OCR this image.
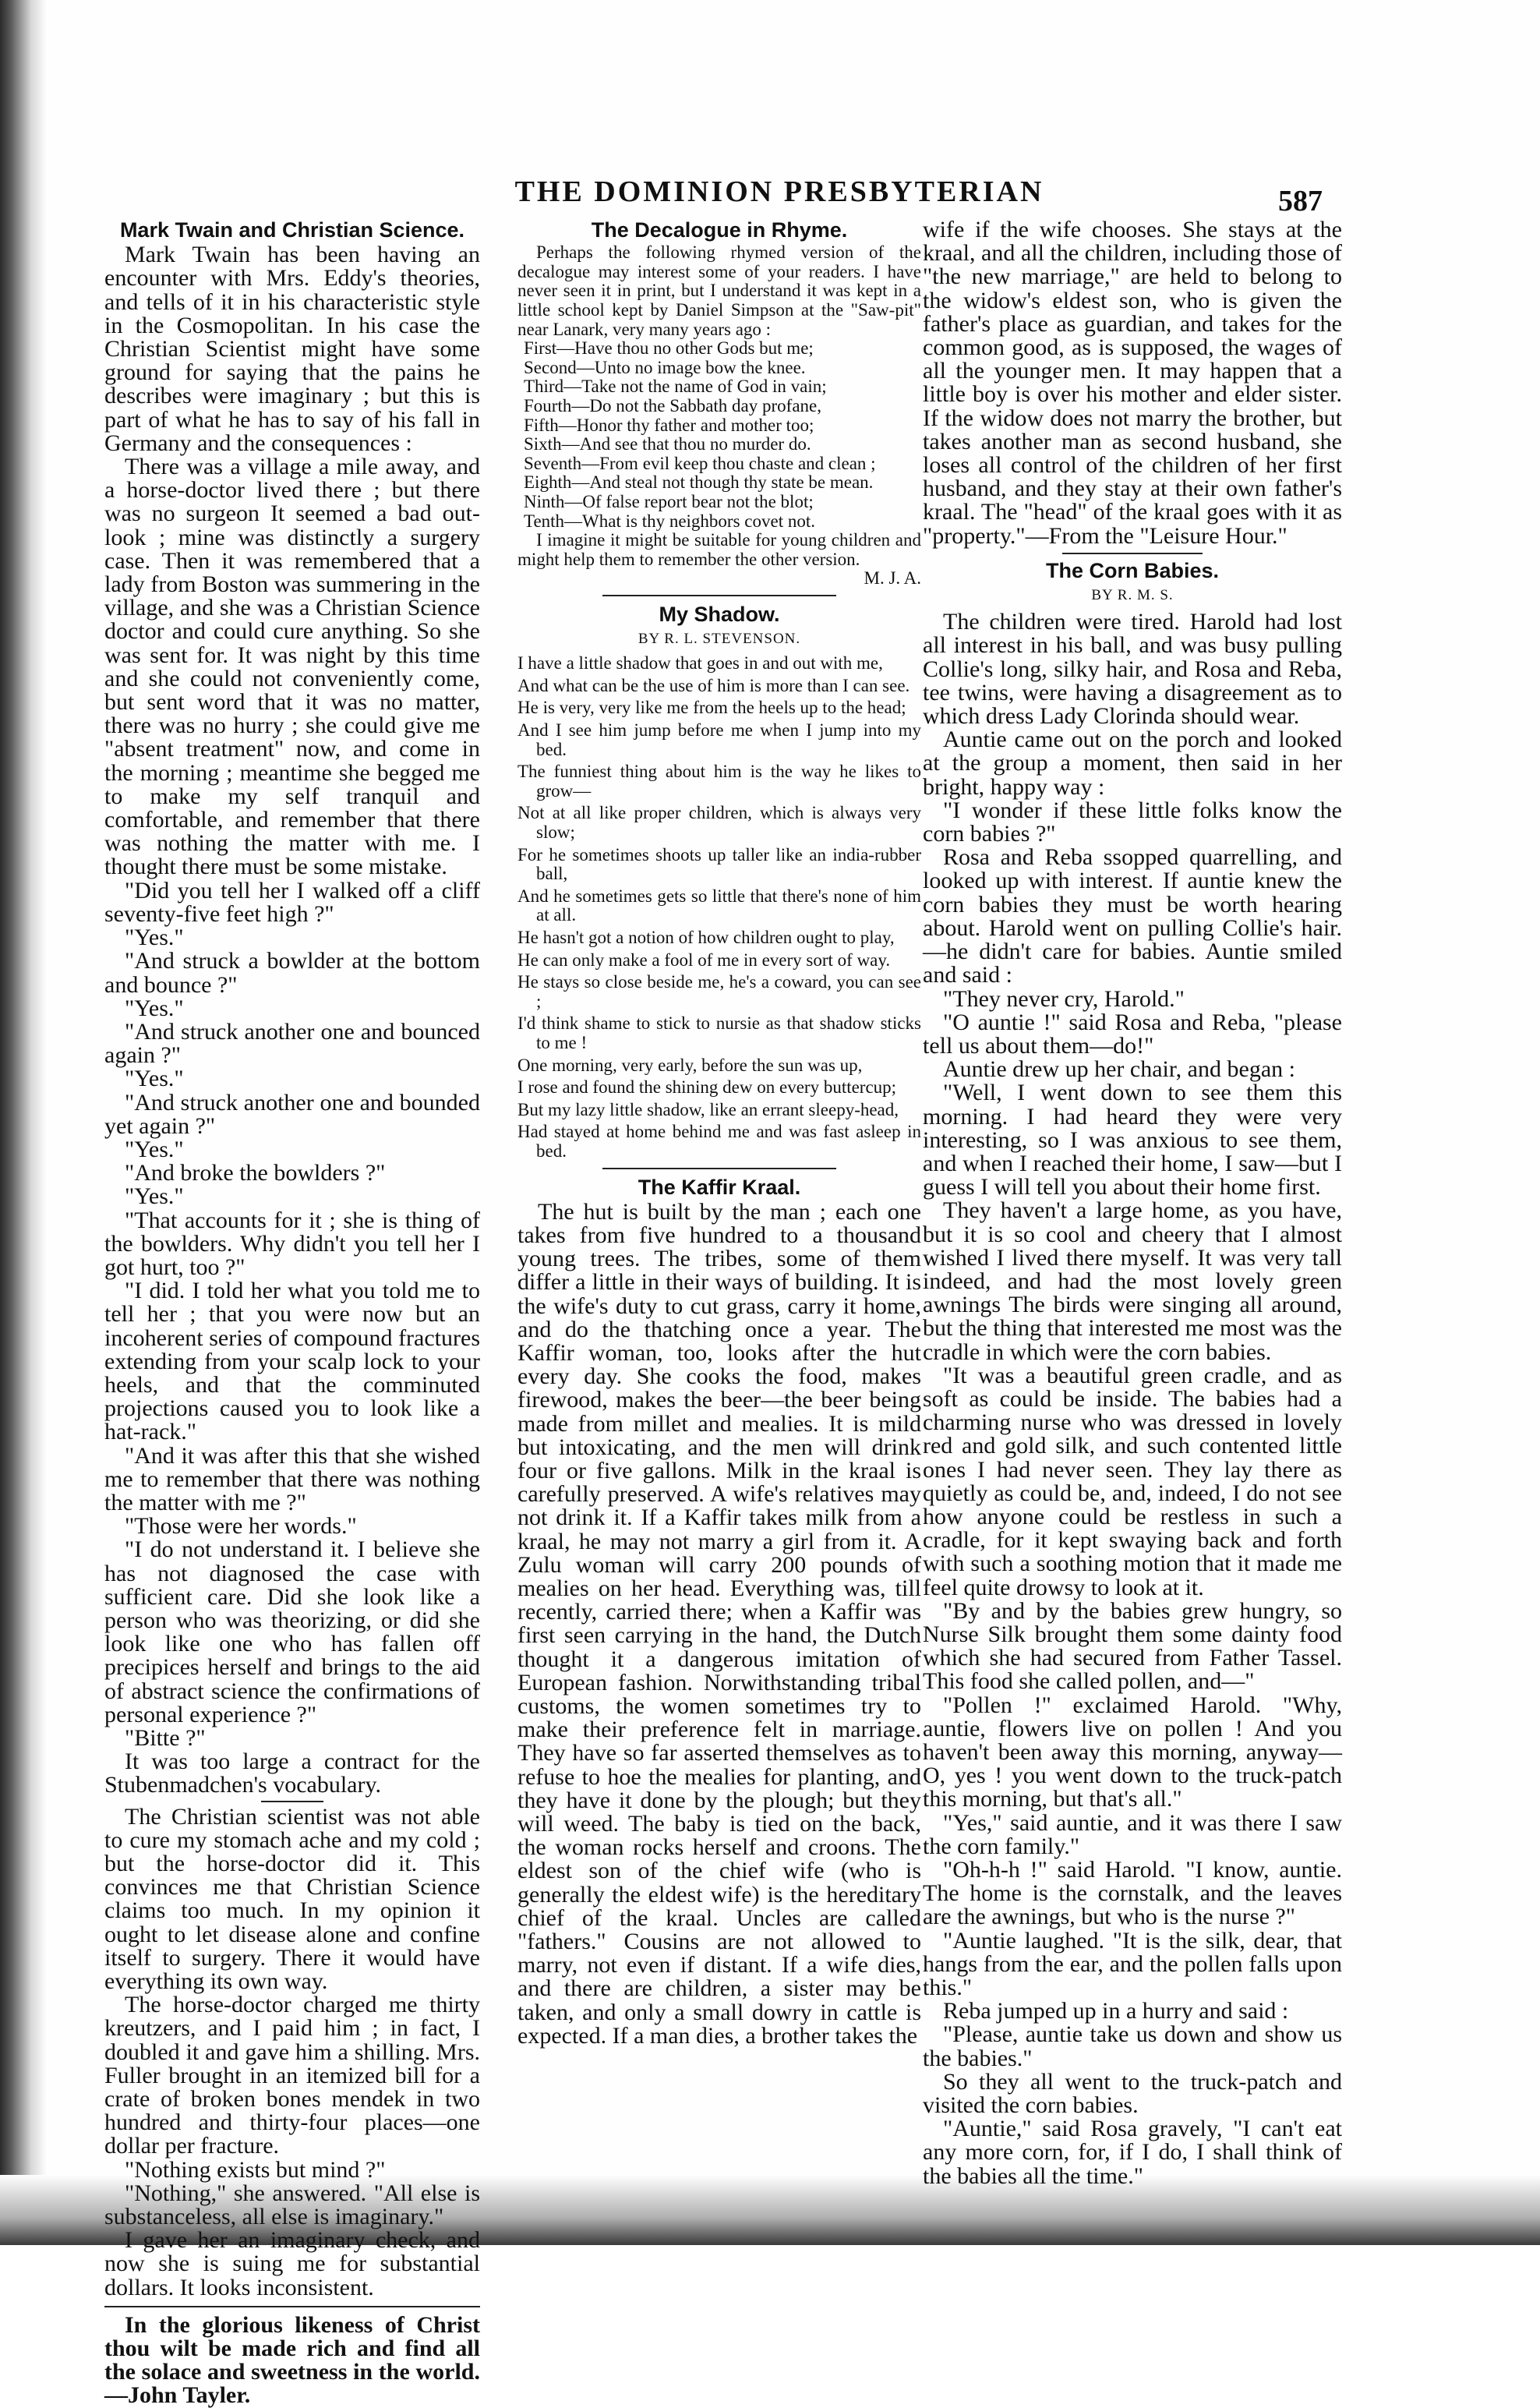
THE DOMINION PRESBYTERIAN	587
Mark Twain and Christian Science.

Mark Twain has been having an encounter with Mrs. Eddy's theories, and tells of it in his characteristic style in the Cosmopolitan. In his case the Christian Scientist might have some ground for saying that the pains he describes were imaginary ; but this is part of what he has to say of his fall in Germany and the consequences :

There was a village a mile away, and a horse-doctor lived there ; but there was no surgeon It seemed a bad out-look ; mine was distinctly a surgery case. Then it was remembered that a lady from Boston was summering in the village, and she was a Christian Science doctor and could cure anything. So she was sent for. It was night by this time and she could not conveniently come, but sent word that it was no matter, there was no hurry ; she could give me "absent treatment" now, and come in the morning ; meantime she begged me to make my self tranquil and comfortable, and remember that there was nothing the matter with me. I thought there must be some mistake.

"Did you tell her I walked off a cliff seventy-five feet high ?"

"Yes."

"And struck a bowlder at the bottom and bounce ?"

"Yes."

"And struck another one and bounced again ?"

"Yes."

"And struck another one and bounded yet again ?"

"Yes."

"And broke the bowlders ?"

"Yes."

"That accounts for it ; she is thing of the bowlders. Why didn't you tell her I got hurt, too ?"

"I did. I told her what you told me to tell her ; that you were now but an incoherent series of compound fractures extending from your scalp lock to your heels, and that the comminuted projections caused you to look like a hat-rack."

"And it was after this that she wished me to remember that there was nothing the matter with me ?"

"Those were her words."

"I do not understand it. I believe she has not diagnosed the case with sufficient care. Did she look like a person who was theorizing, or did she look like one who has fallen off precipices herself and brings to the aid of abstract science the confirmations of personal experience ?"

"Bitte ?"

It was too large a contract for the Stubenmadchen's vocabulary.

The Christian scientist was not able to cure my stomach ache and my cold ; but the horse-doctor did it. This convinces me that Christian Science claims too much. In my opinion it ought to let disease alone and confine itself to surgery. There it would have everything its own way.

The horse-doctor charged me thirty kreutzers, and I paid him ; in fact, I doubled it and gave him a shilling. Mrs. Fuller brought in an itemized bill for a crate of broken bones mendek in two hundred and thirty-four places—one dollar per fracture.

"Nothing exists but mind ?"

"Nothing," she answered. "All else is substanceless, all else is imaginary."

I gave her an imaginary check, and now she is suing me for substantial dollars. It looks inconsistent.

In the glorious likeness of Christ thou wilt be made rich and find all the solace and sweetness in the world.—John Tayler.

The Decalogue in Rhyme.

Perhaps the following rhymed version of the decalogue may interest some of your readers. I have never seen it in print, but I understand it was kept in a little school kept by Daniel Simpson at the "Saw-pit" near Lanark, very many years ago :

First—Have thou no other Gods but me;

Second—Unto no image bow the knee.

Third—Take not the name of God in vain;

Fourth—Do not the Sabbath day profane,

Fifth—Honor thy father and mother too;

Sixth—And see that thou no murder do.

Seventh—From evil keep thou chaste and clean ;

Eighth—And steal not though thy state be mean.

Ninth—Of false report bear not the blot;

Tenth—What is thy neighbors covet not.

I imagine it might be suitable for young children and might help them to remember the other version.

M. J. A.

My Shadow.
BY R. L. STEVENSON.

I have a little shadow that goes in and out with me,

And what can be the use of him is more than I can see.

He is very, very like me from the heels up to the head;

And I see him jump before me when I jump into my bed.

The funniest thing about him is the way he likes to grow—

Not at all like proper children, which is always very slow;

For he sometimes shoots up taller like an india-rubber ball,

And he sometimes gets so little that there's none of him at all.

He hasn't got a notion of how children ought to play,

He can only make a fool of me in every sort of way.

He stays so close beside me, he's a coward, you can see ;

I'd think shame to stick to nursie as that shadow sticks to me !

One morning, very early, before the sun was up,

I rose and found the shining dew on every buttercup;

But my lazy little shadow, like an errant sleepy-head,

Had stayed at home behind me and was fast asleep in bed.

The Kaffir Kraal.

The hut is built by the man ; each one takes from five hundred to a thousand young trees. The tribes, some of them differ a little in their ways of building. It is the wife's duty to cut grass, carry it home, and do the thatching once a year. The Kaffir woman, too, looks after the hut every day. She cooks the food, makes firewood, makes the beer—the beer being made from millet and mealies. It is mild but intoxicating, and the men will drink four or five gallons. Milk in the kraal is carefully preserved. A wife's relatives may not drink it. If a Kaffir takes milk from a kraal, he may not marry a girl from it. A Zulu woman will carry 200 pounds of mealies on her head. Everything was, till recently, carried there; when a Kaffir was first seen carrying in the hand, the Dutch thought it a dangerous imitation of European fashion. Norwithstanding tribal customs, the women sometimes try to make their preference felt in marriage. They have so far asserted themselves as to refuse to hoe the mealies for planting, and they have it done by the plough; but they will weed. The baby is tied on the back, the woman rocks herself and croons. The eldest son of the chief wife (who is generally the eldest wife) is the hereditary chief of the kraal. Uncles are called "fathers." Cousins are not allowed to marry, not even if distant. If a wife dies, and there are children, a sister may be taken, and only a small dowry in cattle is expected. If a man dies, a brother takes the

wife if the wife chooses. She stays at the kraal, and all the children, including those of "the new marriage," are held to belong to the widow's eldest son, who is given the father's place as guardian, and takes for the common good, as is supposed, the wages of all the younger men. It may happen that a little boy is over his mother and elder sister. If the widow does not marry the brother, but takes another man as second husband, she loses all control of the children of her first husband, and they stay at their own father's kraal. The "head" of the kraal goes with it as "property."—From the "Leisure Hour."

The Corn Babies.
BY R. M. S.

The children were tired. Harold had lost all interest in his ball, and was busy pulling Collie's long, silky hair, and Rosa and Reba, tee twins, were having a disagreement as to which dress Lady Clorinda should wear.

Auntie came out on the porch and looked at the group a moment, then said in her bright, happy way :

"I wonder if these little folks know the corn babies ?"

Rosa and Reba ssopped quarrelling, and looked up with interest. If auntie knew the corn babies they must be worth hearing about. Harold went on pulling Collie's hair.—he didn't care for babies. Auntie smiled and said :

"They never cry, Harold."

"O auntie !" said Rosa and Reba, "please tell us about them—do!"

Auntie drew up her chair, and began :

"Well, I went down to see them this morning. I had heard they were very interesting, so I was anxious to see them, and when I reached their home, I saw—but I guess I will tell you about their home first.

They haven't a large home, as you have, but it is so cool and cheery that I almost wished I lived there myself. It was very tall indeed, and had the most lovely green awnings The birds were singing all around, but the thing that interested me most was the cradle in which were the corn babies.

"It was a beautiful green cradle, and as soft as could be inside. The babies had a charming nurse who was dressed in lovely red and gold silk, and such contented little ones I had never seen. They lay there as quietly as could be, and, indeed, I do not see how anyone could be restless in such a cradle, for it kept swaying back and forth with such a soothing motion that it made me feel quite drowsy to look at it.

"By and by the babies grew hungry, so Nurse Silk brought them some dainty food which she had secured from Father Tassel. This food she called pollen, and—"

"Pollen !" exclaimed Harold. "Why, auntie, flowers live on pollen ! And you haven't been away this morning, anyway—O, yes ! you went down to the truck-patch this morning, but that's all."

"Yes," said auntie, and it was there I saw the corn family."

"Oh-h-h !" said Harold. "I know, auntie. The home is the cornstalk, and the leaves are the awnings, but who is the nurse ?"

"Auntie laughed. "It is the silk, dear, that hangs from the ear, and the pollen falls upon this."

Reba jumped up in a hurry and said :

"Please, auntie take us down and show us the babies."

So they all went to the truck-patch and visited the corn babies.

"Auntie," said Rosa gravely, "I can't eat any more corn, for, if I do, I shall think of the babies all the time."
